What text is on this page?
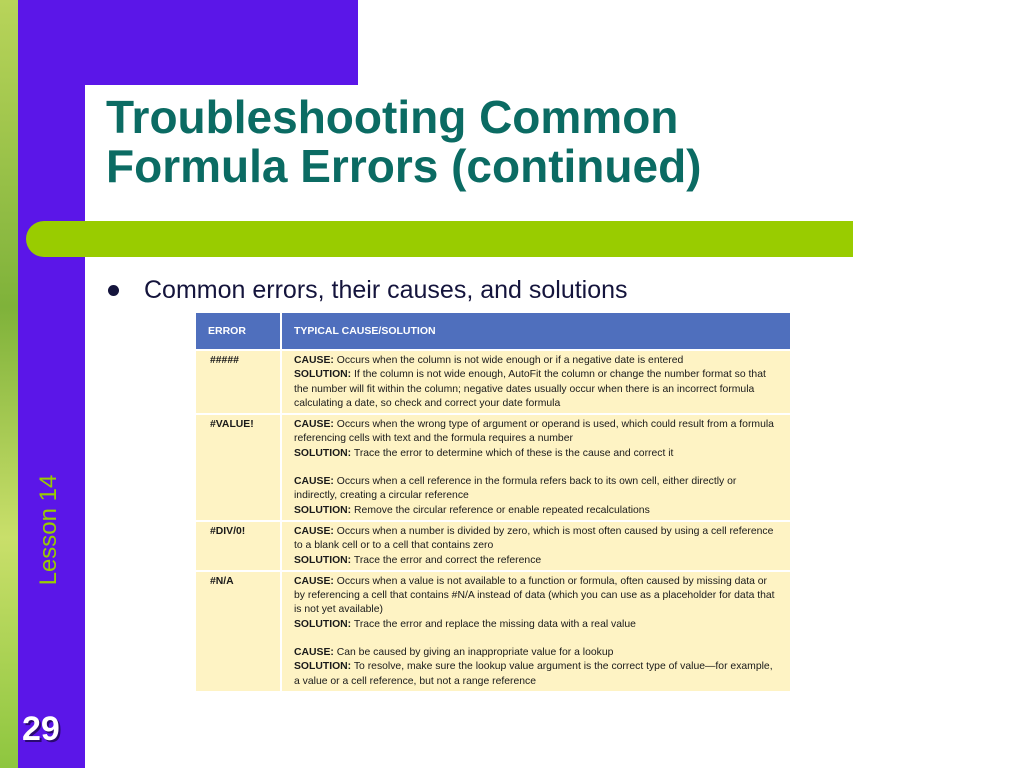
Troubleshooting Common
Formula Errors (continued)
Common errors, their causes, and solutions
Lesson 14
29
ERROR	TYPICAL CAUSE/SOLUTION
#####	CAUSE: Occurs when the column is not wide enough or if a negative date is entered
SOLUTION: If the column is not wide enough, AutoFit the column or change the number format so that the number will fit within the column; negative dates usually occur when there is an incorrect formula calculating a date, so check and correct your date formula

#VALUE!	CAUSE: Occurs when the wrong type of argument or operand is used, which could result from a formula referencing cells with text and the formula requires a number
SOLUTION: Trace the error to determine which of these is the cause and correct it
CAUSE: Occurs when a cell reference in the formula refers back to its own cell, either directly or indirectly, creating a circular reference
SOLUTION: Remove the circular reference or enable repeated recalculations

#DIV/0!	CAUSE: Occurs when a number is divided by zero, which is most often caused by using a cell reference to a blank cell or to a cell that contains zero
SOLUTION: Trace the error and correct the reference

#N/A	CAUSE: Occurs when a value is not available to a function or formula, often caused by missing data or by referencing a cell that contains #N/A instead of data (which you can use as a placeholder for data that is not yet available)
SOLUTION: Trace the error and replace the missing data with a real value
CAUSE: Can be caused by giving an inappropriate value for a lookup
SOLUTION: To resolve, make sure the lookup value argument is the correct type of value—for example, a value or a cell reference, but not a range reference
